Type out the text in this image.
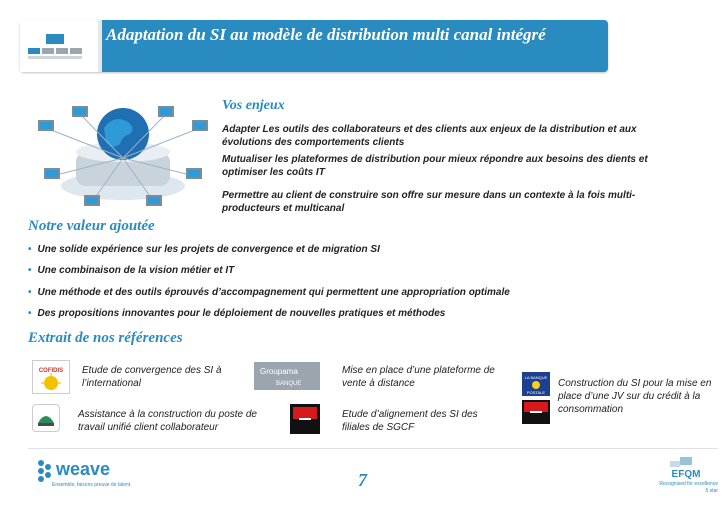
Adaptation du SI au modèle de distribution multi canal intégré
Vos enjeux
Adapter Les outils des collaborateurs et des clients aux enjeux de la distribution et aux évolutions des comportements clients
Mutualiser les plateformes de distribution pour mieux répondre aux besoins des dients et optimiser les coûts IT
Permettre au client de construire son offre sur mesure dans un contexte à la fois multi- producteurs et multicanal
Notre valeur ajoutée
• Une solide expérience sur les projets de convergence et de migration SI
• Une combinaison de la vision métier et IT
• Une méthode et des outils éprouvés d’accompagnement qui permettent une appropriation optimale
• Des propositions innovantes pour le déploiement de nouvelles pratiques et méthodes
Extrait de nos références
COFIDIS Etude de convergence des SI à l’international
Groupama
BANQUE
Mise en place d’une plateforme de vente à distance
LA BANQUE
POSTALE
Construction du SI pour la mise en place d’une JV sur du crédit à la consommation
Assistance à la construction du poste de travail unifié client collaborateur
Etude d’alignement des SI des filiales de SGCF
weave
Ensemble, faisons preuve de talent.	7	EFQM
Recognised for excellence
5 star
